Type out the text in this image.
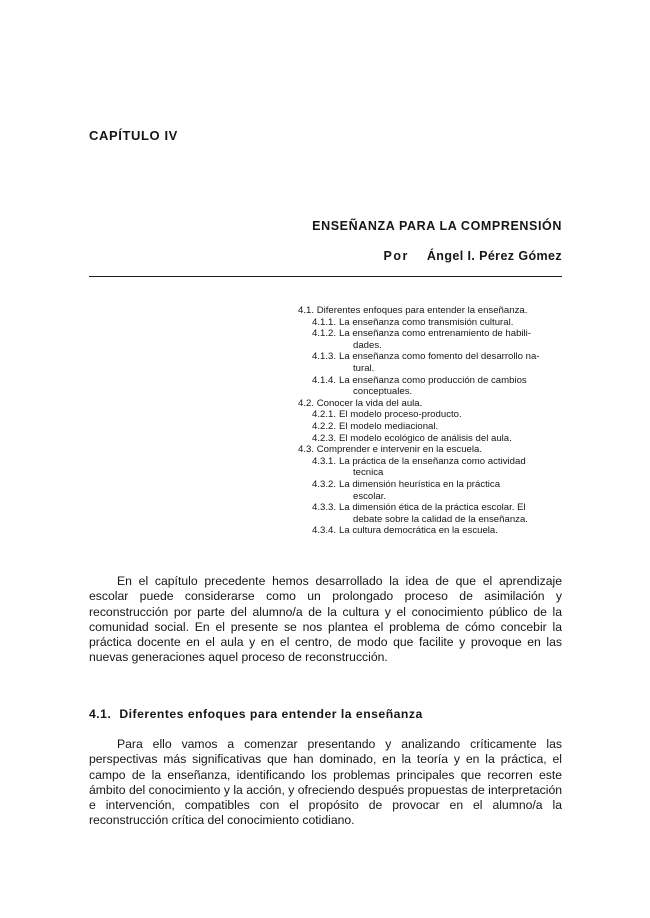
CAPÍTULO IV
ENSEÑANZA PARA LA COMPRENSIÓN
Por Ángel I. Pérez Gómez
4.1. Diferentes enfoques para entender la enseñanza.
4.1.1. La enseñanza como transmisión cultural.
4.1.2. La enseñanza como entrenamiento de habili-
dades.
4.1.3. La enseñanza como fomento del desarrollo na-
tural.
4.1.4. La enseñanza como producción de cambios
conceptuales.
4.2. Conocer la vida del aula.
4.2.1. El modelo proceso-producto.
4.2.2. El modelo mediacional.
4.2.3. El modelo ecológico de análisis del aula.
4.3. Comprender e intervenir en la escuela.
4.3.1. La práctica de la enseñanza como actividad
tecnica
4.3.2. La dimensión heurística en la práctica
escolar.
4.3.3. La dimensión ética de la práctica escolar. El
debate sobre la calidad de la enseñanza.
4.3.4. La cultura democrática en la escuela.

En el capítulo precedente hemos desarrollado la idea de que el aprendizaje escolar puede considerarse como un prolongado proceso de asimilación y reconstrucción por parte del alumno/a de la cultura y el conocimiento público de la comunidad social. En el presente se nos plantea el problema de cómo concebir la práctica docente en el aula y en el centro, de modo que facilite y provoque en las nuevas generaciones aquel proceso de reconstrucción.

4.1. Diferentes enfoques para entender la enseñanza

Para ello vamos a comenzar presentando y analizando críticamente las perspectivas más significativas que han dominado, en la teoría y en la práctica, el campo de la enseñanza, identificando los problemas principales que recorren este ámbito del conocimiento y la acción, y ofreciendo después propuestas de interpretación e intervención, compatibles con el propósito de provocar en el alumno/a la reconstrucción crítica del conocimiento cotidiano.
